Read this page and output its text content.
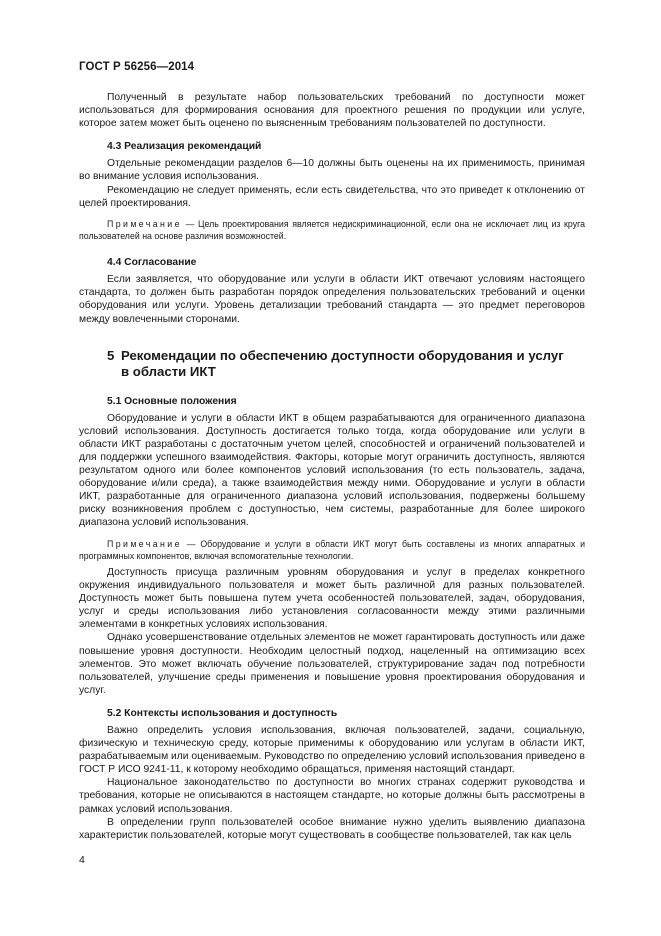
ГОСТ Р 56256—2014

Полученный в результате набор пользовательских требований по доступности может использоваться для формирования основания для проектного решения по продукции или услуге, которое затем может быть оценено по выясненным требованиям пользователей по доступности.

4.3 Реализация рекомендаций

Отдельные рекомендации разделов 6—10 должны быть оценены на их применимость, принимая во внимание условия использования.

Рекомендацию не следует применять, если есть свидетельства, что это приведет к отклонению от целей проектирования.

Примечание — Цель проектирования является недискриминационной, если она не исключает лиц из круга пользователей на основе различия возможностей.

4.4 Согласование

Если заявляется, что оборудование или услуги в области ИКТ отвечают условиям настоящего стандарта, то должен быть разработан порядок определения пользовательских требований и оценки оборудования или услуги. Уровень детализации требований стандарта — это предмет переговоров между вовлеченными сторонами.

5 Рекомендации по обеспечению доступности оборудования и услуг
в области ИКТ
5.1 Основные положения

Оборудование и услуги в области ИКТ в общем разрабатываются для ограниченного диапазона условий использования. Доступность достигается только тогда, когда оборудование или услуги в области ИКТ разработаны с достаточным учетом целей, способностей и ограничений пользователей и для поддержки успешного взаимодействия. Факторы, которые могут ограничить доступность, являются результатом одного или более компонентов условий использования (то есть пользователь, задача, оборудование и/или среда), а также взаимодействия между ними. Оборудование и услуги в области ИКТ, разработанные для ограниченного диапазона условий использования, подвержены большему риску возникновения проблем с доступностью, чем системы, разработанные для более широкого диапазона условий использования.

Примечание — Оборудование и услуги в области ИКТ могут быть составлены из многих аппаратных и программных компонентов, включая вспомогательные технологии.

Доступность присуща различным уровням оборудования и услуг в пределах конкретного окружения индивидуального пользователя и может быть различной для разных пользователей. Доступность может быть повышена путем учета особенностей пользователей, задач, оборудования, услуг и среды использования либо установления согласованности между этими различными элементами в конкретных условиях использования.

Однако усовершенствование отдельных элементов не может гарантировать доступность или даже повышение уровня доступности. Необходим целостный подход, нацеленный на оптимизацию всех элементов. Это может включать обучение пользователей, структурирование задач под потребности пользователей, улучшение среды применения и повышение уровня проектирования оборудования и услуг.

5.2 Контексты использования и доступность

Важно определить условия использования, включая пользователей, задачи, социальную, физическую и техническую среду, которые применимы к оборудованию или услугам в области ИКТ, разрабатываемым или оцениваемым. Руководство по определению условий использования приведено в ГОСТ Р ИСО 9241-11, к которому необходимо обращаться, применяя настоящий стандарт.

Национальное законодательство по доступности во многих странах содержит руководства и требования, которые не описываются в настоящем стандарте, но которые должны быть рассмотрены в рамках условий использования.

В определении групп пользователей особое внимание нужно уделить выявлению диапазона характеристик пользователей, которые могут существовать в сообществе пользователей, так как цель

4
